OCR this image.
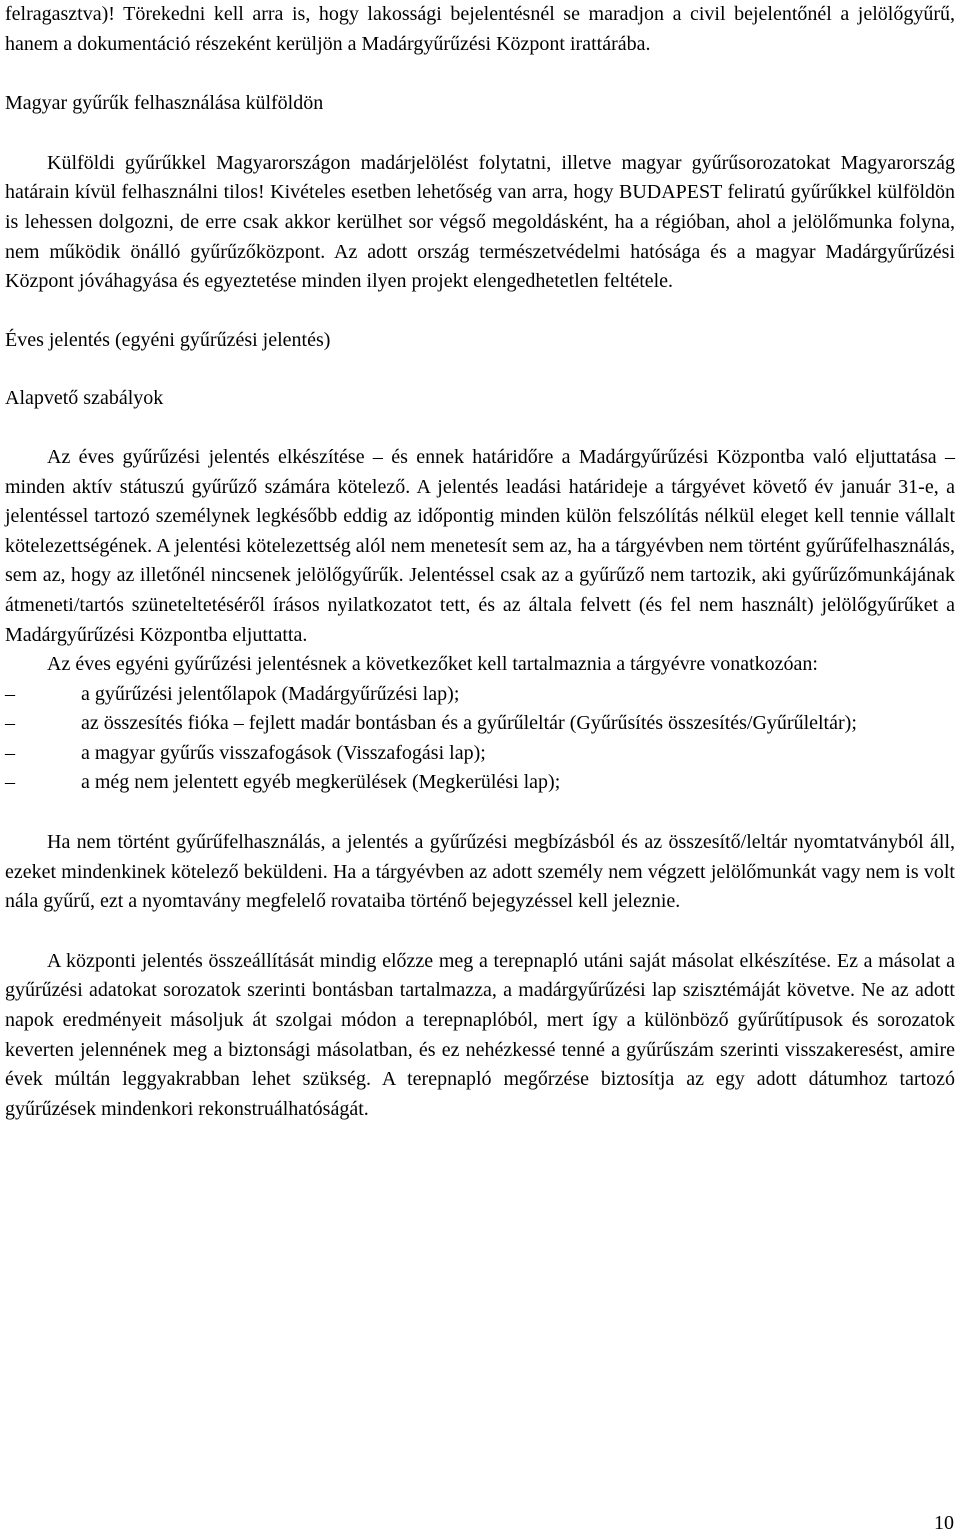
felragasztva)! Törekedni kell arra is, hogy lakossági bejelentésnél se maradjon a civil bejelentőnél a jelölőgyűrű, hanem a dokumentáció részeként kerüljön a Madárgyűrűzési Központ irattárába.

Magyar gyűrűk felhasználása külföldön

Külföldi gyűrűkkel Magyarországon madárjelölést folytatni, illetve magyar gyűrűsorozatokat Magyarország határain kívül felhasználni tilos! Kivételes esetben lehetőség van arra, hogy BUDAPEST feliratú gyűrűkkel külföldön is lehessen dolgozni, de erre csak akkor kerülhet sor végső megoldásként, ha a régióban, ahol a jelölőmunka folyna, nem működik önálló gyűrűzőközpont. Az adott ország természetvédelmi hatósága és a magyar Madárgyűrűzési Központ jóváhagyása és egyeztetése minden ilyen projekt elengedhetetlen feltétele.

Éves jelentés (egyéni gyűrűzési jelentés)

Alapvető szabályok

Az éves gyűrűzési jelentés elkészítése – és ennek határidőre a Madárgyűrűzési Központba való eljuttatása – minden aktív státuszú gyűrűző számára kötelező. A jelentés leadási határideje a tárgyévet követő év január 31-e, a jelentéssel tartozó személynek legkésőbb eddig az időpontig minden külön felszólítás nélkül eleget kell tennie vállalt kötelezettségének. A jelentési kötelezettség alól nem menetesít sem az, ha a tárgyévben nem történt gyűrűfelhasználás, sem az, hogy az illetőnél nincsenek jelölőgyűrűk. Jelentéssel csak az a gyűrűző nem tartozik, aki gyűrűzőmunkájának átmeneti/tartós szüneteltetéséről írásos nyilatkozatot tett, és az általa felvett (és fel nem használt) jelölőgyűrűket a Madárgyűrűzési Központba eljuttatta.

Az éves egyéni gyűrűzési jelentésnek a következőket kell tartalmaznia a tárgyévre vonatkozóan:

–	a gyűrűzési jelentőlapok (Madárgyűrűzési lap);
–	az összesítés fióka – fejlett madár bontásban és a gyűrűleltár (Gyűrűsítés összesítés/Gyűrűleltár);
–	a magyar gyűrűs visszafogások (Visszafogási lap);
–	a még nem jelentett egyéb megkerülések (Megkerülési lap);

Ha nem történt gyűrűfelhasználás, a jelentés a gyűrűzési megbízásból és az összesítő/leltár nyomtatványból áll, ezeket mindenkinek kötelező beküldeni. Ha a tárgyévben az adott személy nem végzett jelölőmunkát vagy nem is volt nála gyűrű, ezt a nyomtavány megfelelő rovataiba történő bejegyzéssel kell jeleznie.

A központi jelentés összeállítását mindig előzze meg a terepnapló utáni saját másolat elkészítése. Ez a másolat a gyűrűzési adatokat sorozatok szerinti bontásban tartalmazza, a madárgyűrűzési lap szisztémáját követve. Ne az adott napok eredményeit másoljuk át szolgai módon a terepnaplóból, mert így a különböző gyűrűtípusok és sorozatok keverten jelennének meg a biztonsági másolatban, és ez nehézkessé tenné a gyűrűszám szerinti visszakeresést, amire évek múltán leggyakrabban lehet szükség. A terepnapló megőrzése biztosítja az egy adott dátumhoz tartozó gyűrűzések mindenkori rekonstruálhatóságát.

10
